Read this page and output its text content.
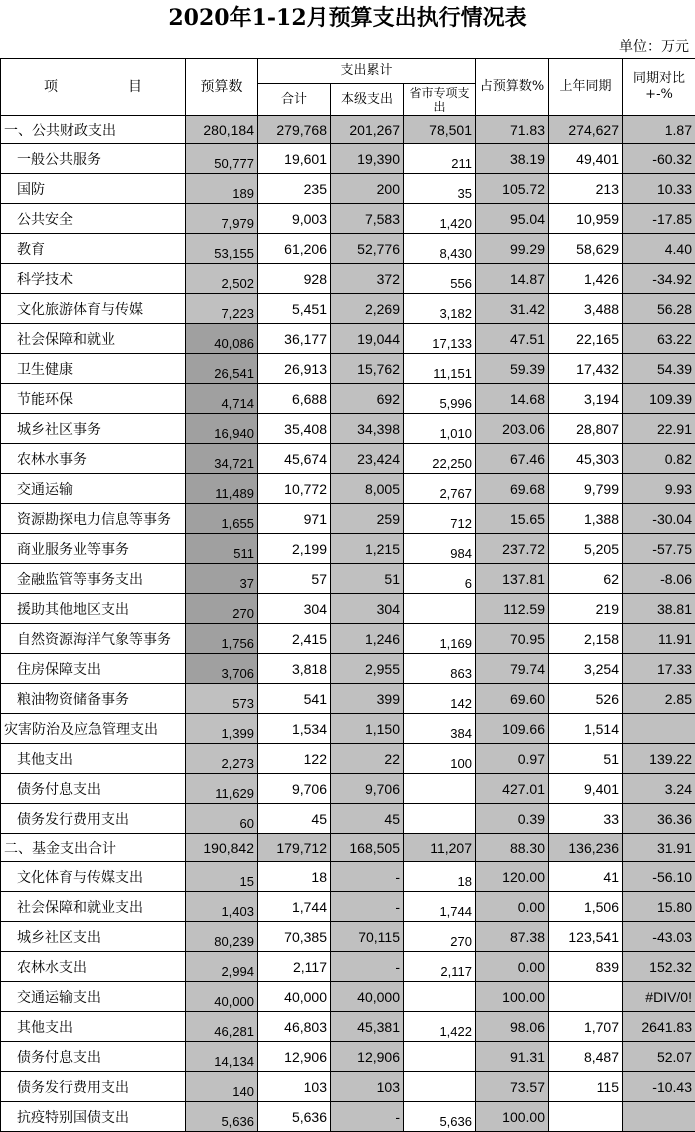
2020年1-12月预算支出执行情况表
单位：万元
项　　　　　目	预算数	支出累计			占预算数%	上年同期	同期对比+-%
		合计	本级支出	省市专项支出			
一、公共财政支出	280,184	279,768	201,267	78,501	71.83	274,627	1.87
一般公共服务	50,777	19,601	19,390	211	38.19	49,401	-60.32
国防	189	235	200	35	105.72	213	10.33
公共安全	7,979	9,003	7,583	1,420	95.04	10,959	-17.85
教育	53,155	61,206	52,776	8,430	99.29	58,629	4.40
科学技术	2,502	928	372	556	14.87	1,426	-34.92
文化旅游体育与传媒	7,223	5,451	2,269	3,182	31.42	3,488	56.28
社会保障和就业	40,086	36,177	19,044	17,133	47.51	22,165	63.22
卫生健康	26,541	26,913	15,762	11,151	59.39	17,432	54.39
节能环保	4,714	6,688	692	5,996	14.68	3,194	109.39
城乡社区事务	16,940	35,408	34,398	1,010	203.06	28,807	22.91
农林水事务	34,721	45,674	23,424	22,250	67.46	45,303	0.82
交通运输	11,489	10,772	8,005	2,767	69.68	9,799	9.93
资源勘探电力信息等事务	1,655	971	259	712	15.65	1,388	-30.04
商业服务业等事务	511	2,199	1,215	984	237.72	5,205	-57.75
金融监管等事务支出	37	57	51	6	137.81	62	-8.06
援助其他地区支出	270	304	304		112.59	219	38.81
自然资源海洋气象等事务	1,756	2,415	1,246	1,169	70.95	2,158	11.91
住房保障支出	3,706	3,818	2,955	863	79.74	3,254	17.33
粮油物资储备事务	573	541	399	142	69.60	526	2.85
灾害防治及应急管理支出	1,399	1,534	1,150	384	109.66	1,514	
其他支出	2,273	122	22	100	0.97	51	139.22
债务付息支出	11,629	9,706	9,706		427.01	9,401	3.24
债务发行费用支出	60	45	45		0.39	33	36.36
二、基金支出合计	190,842	179,712	168,505	11,207	88.30	136,236	31.91
文化体育与传媒支出	15	18	-	18	120.00	41	-56.10
社会保障和就业支出	1,403	1,744	-	1,744	0.00	1,506	15.80
城乡社区支出	80,239	70,385	70,115	270	87.38	123,541	-43.03
农林水支出	2,994	2,117	-	2,117	0.00	839	152.32
交通运输支出	40,000	40,000	40,000		100.00		#DIV/0!
其他支出	46,281	46,803	45,381	1,422	98.06	1,707	2641.83
债务付息支出	14,134	12,906	12,906		91.31	8,487	52.07
债务发行费用支出	140	103	103		73.57	115	-10.43
抗疫特别国债支出	5,636	5,636	-	5,636	100.00		
